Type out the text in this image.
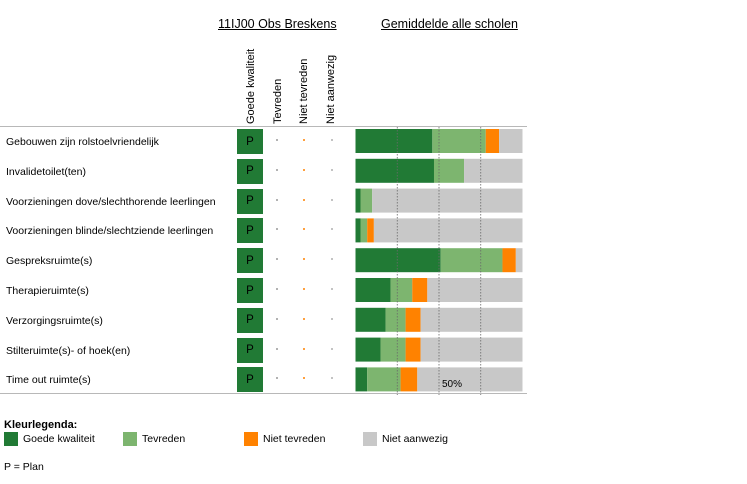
11IJ00 Obs Breskens	Gemiddelde alle scholen
Goede kwaliteit	Tevreden	Niet tevreden	Niet aanwezig
Gebouwen zijn rolstoelvriendelijk	P
Invalidetoilet(ten)	P
Voorzieningen dove/slechthorende leerlingen	P
Voorzieningen blinde/slechtziende leerlingen	P
Gespreksruimte(s)	P
Therapieruimte(s)	P
Verzorgingsruimte(s)	P
Stilteruimte(s)- of hoek(en)	P
Time out ruimte(s)	P	50%
Kleurlegenda:
Goede kwaliteit	Tevreden	Niet tevreden	Niet aanwezig
P = Plan
